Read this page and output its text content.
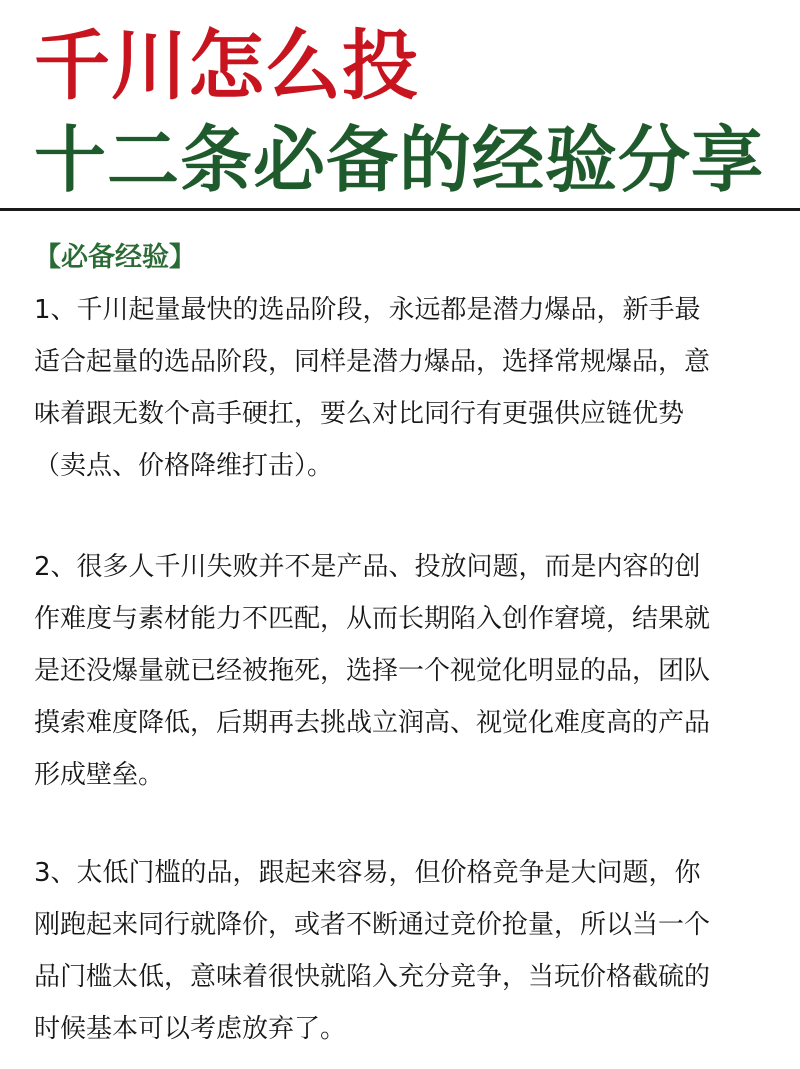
千川怎么投
十二条必备的经验分享
【必备经验】
1、千川起量最快的选品阶段，永远都是潜力爆品，新手最
适合起量的选品阶段，同样是潜力爆品，选择常规爆品，意
味着跟无数个高手硬扛，要么对比同行有更强供应链优势
（卖点、价格降维打击）。
2、很多人千川失败并不是产品、投放问题，而是内容的创
作难度与素材能力不匹配，从而长期陷入创作窘境，结果就
是还没爆量就已经被拖死，选择一个视觉化明显的品，团队
摸索难度降低，后期再去挑战立润高、视觉化难度高的产品
形成壁垒。
3、太低门槛的品，跟起来容易，但价格竞争是大问题，你
刚跑起来同行就降价，或者不断通过竞价抢量，所以当一个
品门槛太低，意味着很快就陷入充分竞争，当玩价格截硫的
时候基本可以考虑放弃了。
